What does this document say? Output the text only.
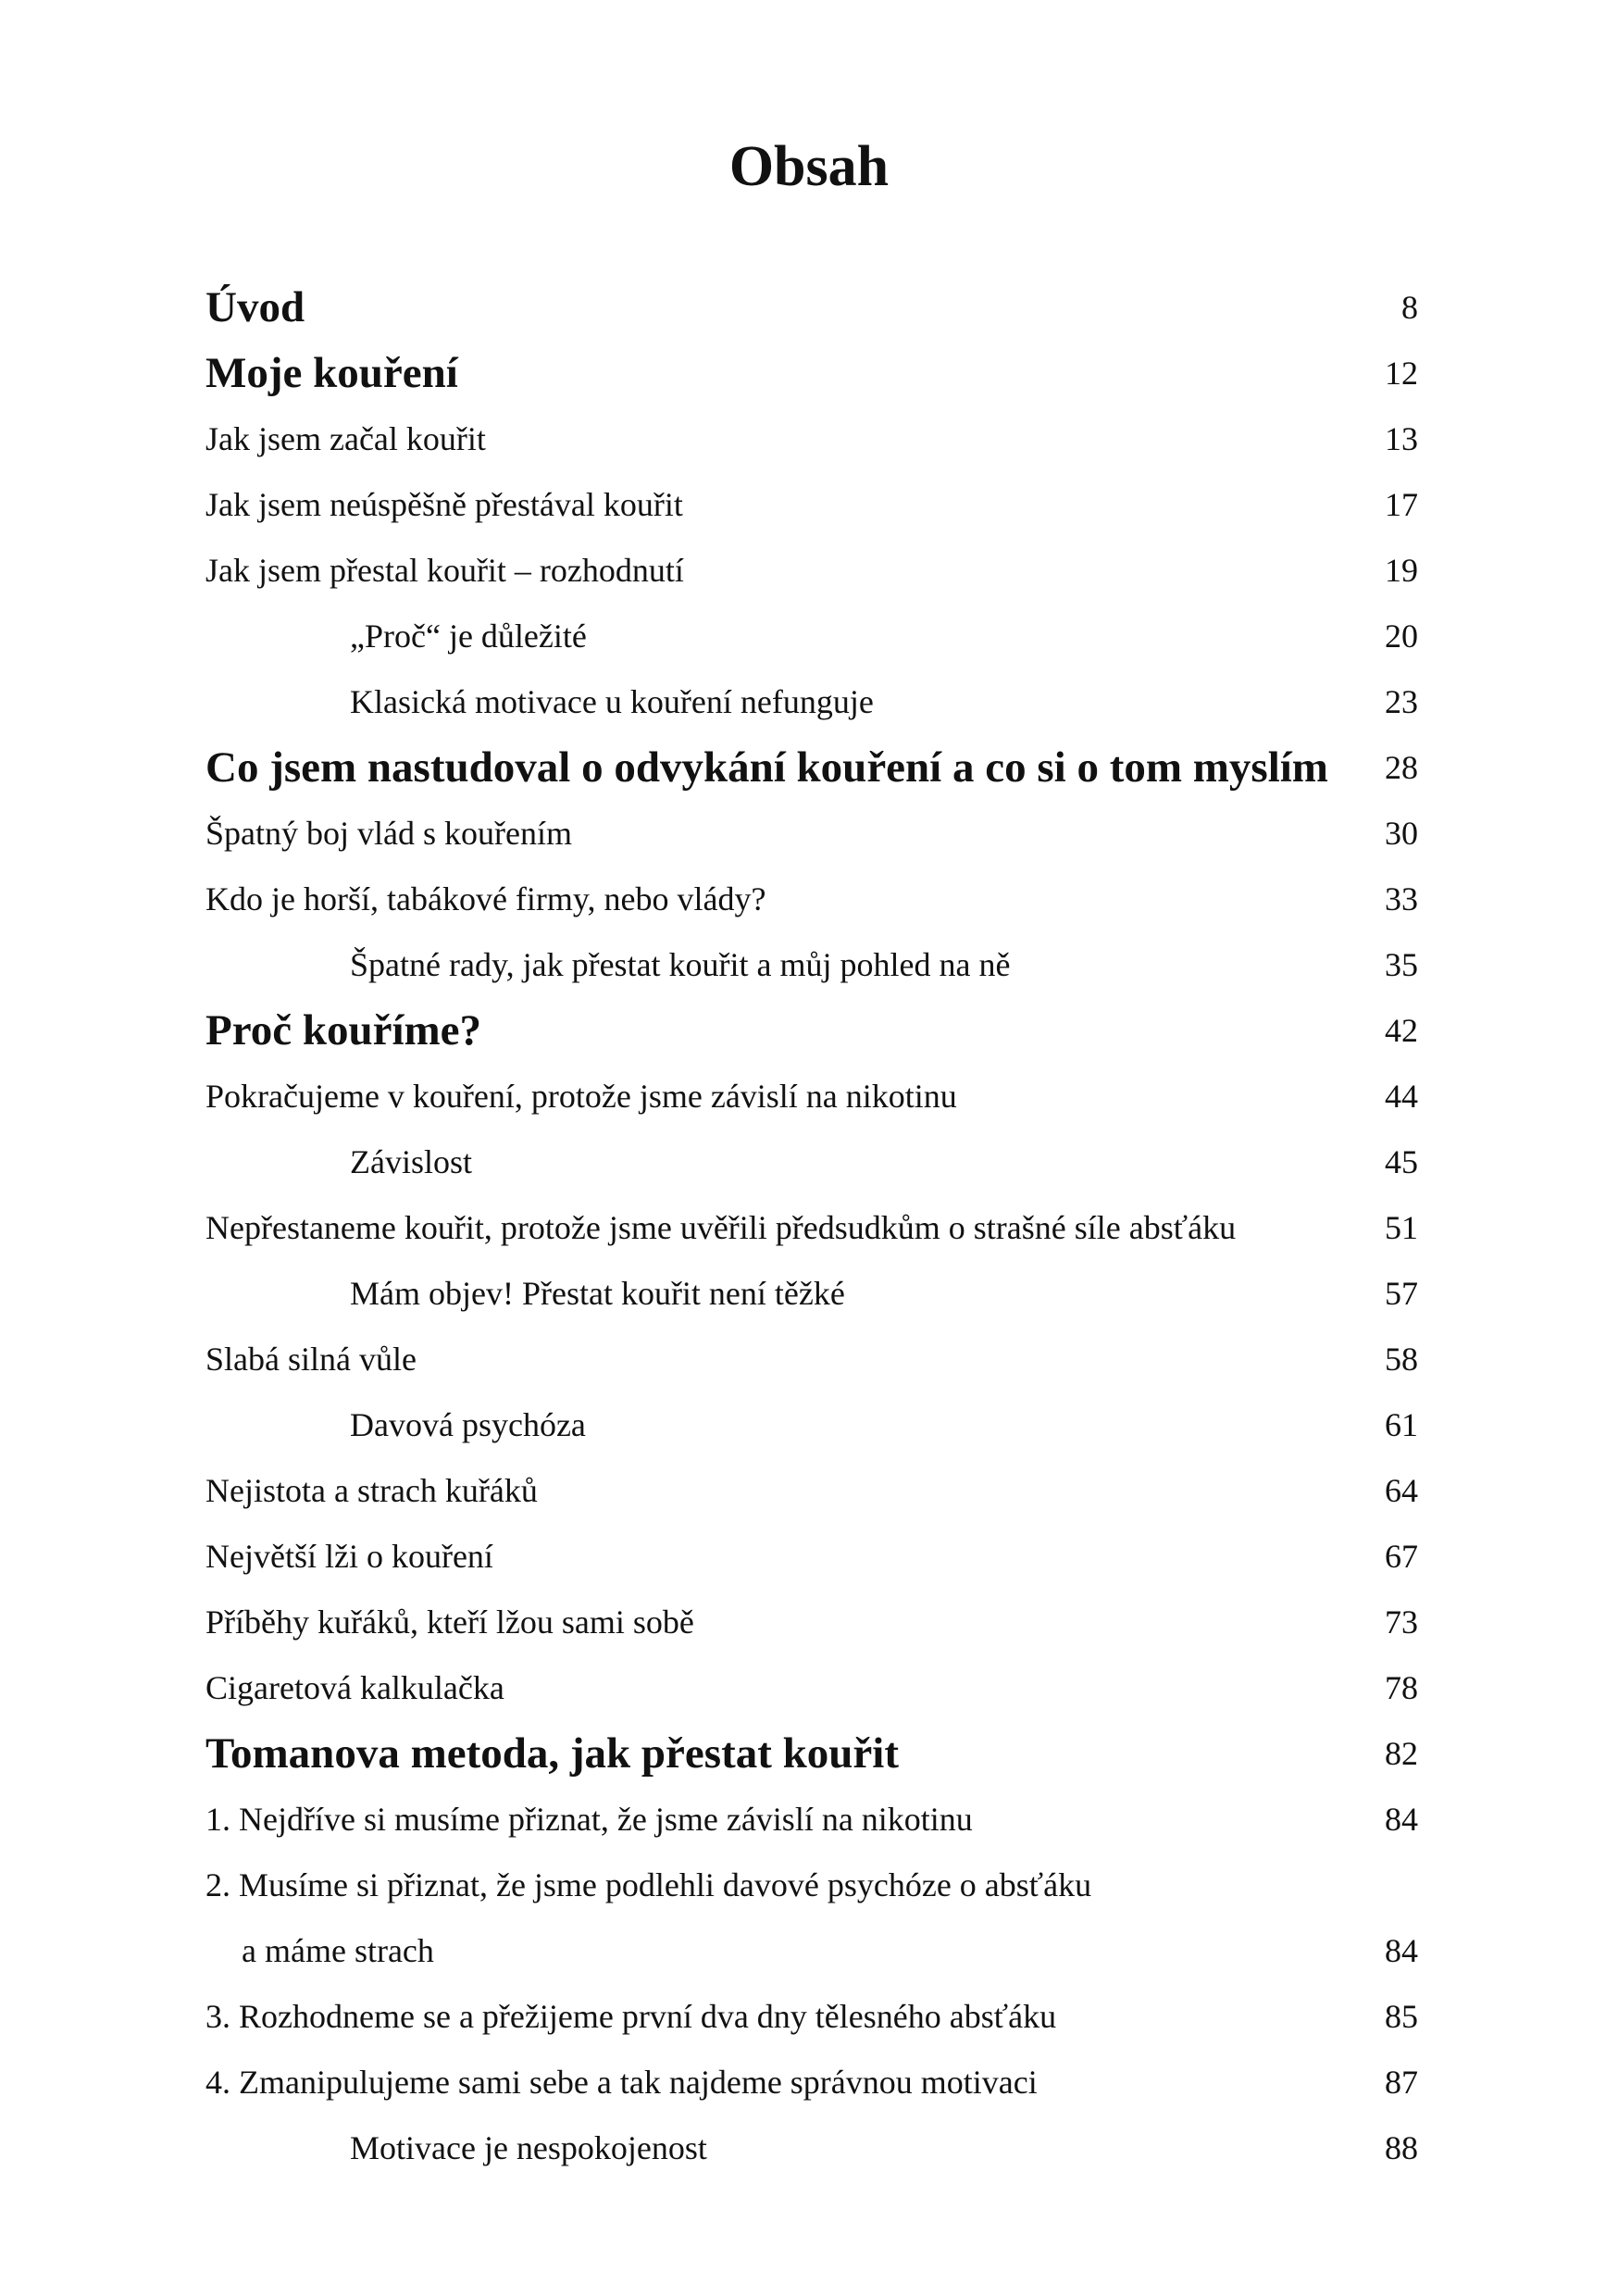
Obsah
Úvod	8
Moje kouření	12
Jak jsem začal kouřit	13
Jak jsem neúspěšně přestával kouřit	17
Jak jsem přestal kouřit – rozhodnutí	19
„Proč“ je důležité	20
Klasická motivace u kouření nefunguje	23
Co jsem nastudoval o odvykání kouření a co si o tom myslím	28
Špatný boj vlád s kouřením	30
Kdo je horší, tabákové firmy, nebo vlády?	33
Špatné rady, jak přestat kouřit a můj pohled na ně	35
Proč kouříme?	42
Pokračujeme v kouření, protože jsme závislí na nikotinu	44
Závislost	45
Nepřestaneme kouřit, protože jsme uvěřili předsudkům o strašné síle absťáku	51
Mám objev! Přestat kouřit není těžké	57
Slabá silná vůle	58
Davová psychóza	61
Nejistota a strach kuřáků	64
Největší lži o kouření	67
Příběhy kuřáků, kteří lžou sami sobě	73
Cigaretová kalkulačka	78
Tomanova metoda, jak přestat kouřit	82
1. Nejdříve si musíme přiznat, že jsme závislí na nikotinu	84
2. Musíme si přiznat, že jsme podlehli davové psychóze o absťáku
a máme strach	84
3. Rozhodneme se a přežijeme první dva dny tělesného absťáku	85
4. Zmanipulujeme sami sebe a tak najdeme správnou motivaci	87
Motivace je nespokojenost	88
